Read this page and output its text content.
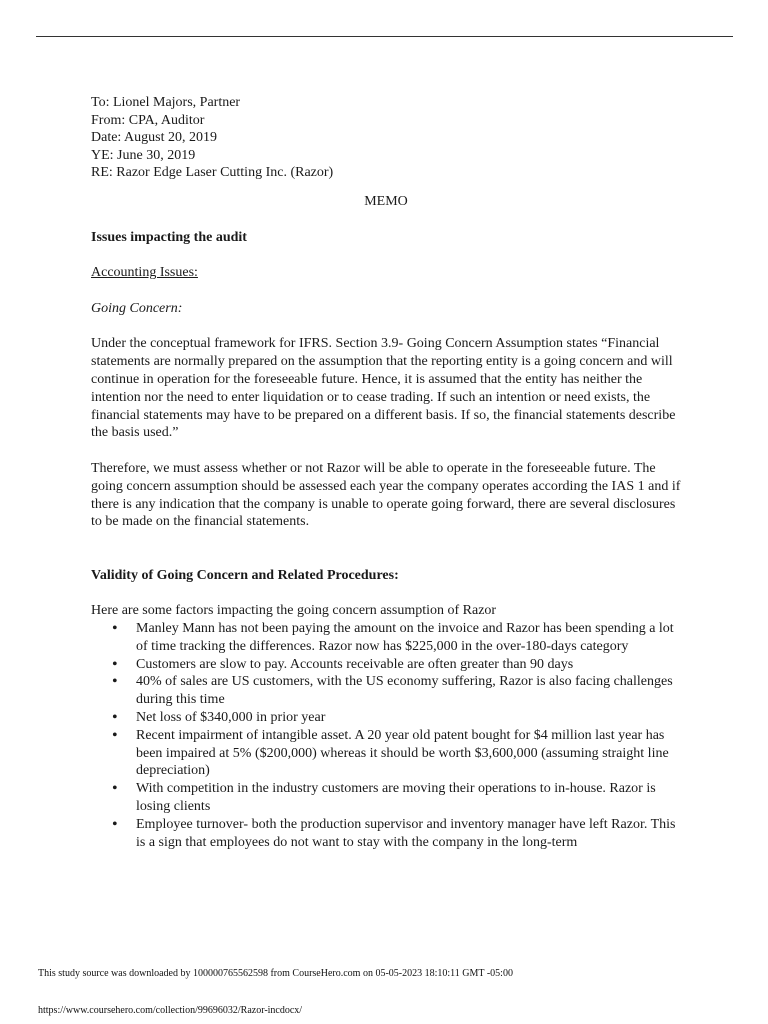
To: Lionel Majors, Partner

From: CPA, Auditor

Date: August 20, 2019

YE: June 30, 2019

RE: Razor Edge Laser Cutting Inc. (Razor)

MEMO

Issues impacting the audit

Accounting Issues:

Going Concern:

Under the conceptual framework for IFRS. Section 3.9- Going Concern Assumption states “Financial statements are normally prepared on the assumption that the reporting entity is a going concern and will continue in operation for the foreseeable future. Hence, it is assumed that the entity has neither the intention nor the need to enter liquidation or to cease trading. If such an intention or need exists, the financial statements may have to be prepared on a different basis. If so, the financial statements describe the basis used.”

Therefore, we must assess whether or not Razor will be able to operate in the foreseeable future. The going concern assumption should be assessed each year the company operates according the IAS 1 and if there is any indication that the company is unable to operate going forward, there are several disclosures to be made on the financial statements.

Validity of Going Concern and Related Procedures:

Here are some factors impacting the going concern assumption of Razor

• Manley Mann has not been paying the amount on the invoice and Razor has been spending a lot of time tracking the differences. Razor now has $225,000 in the over-180-days category
• Customers are slow to pay. Accounts receivable are often greater than 90 days
• 40% of sales are US customers, with the US economy suffering, Razor is also facing challenges during this time
• Net loss of $340,000 in prior year
• Recent impairment of intangible asset. A 20 year old patent bought for $4 million last year has been impaired at 5% ($200,000) whereas it should be worth $3,600,000 (assuming straight line depreciation)
• With competition in the industry customers are moving their operations to in-house. Razor is losing clients
• Employee turnover- both the production supervisor and inventory manager have left Razor. This is a sign that employees do not want to stay with the company in the long-term
This study source was downloaded by 100000765562598 from CourseHero.com on 05-05-2023 18:10:11 GMT -05:00
https://www.coursehero.com/collection/99696032/Razor-incdocx/
